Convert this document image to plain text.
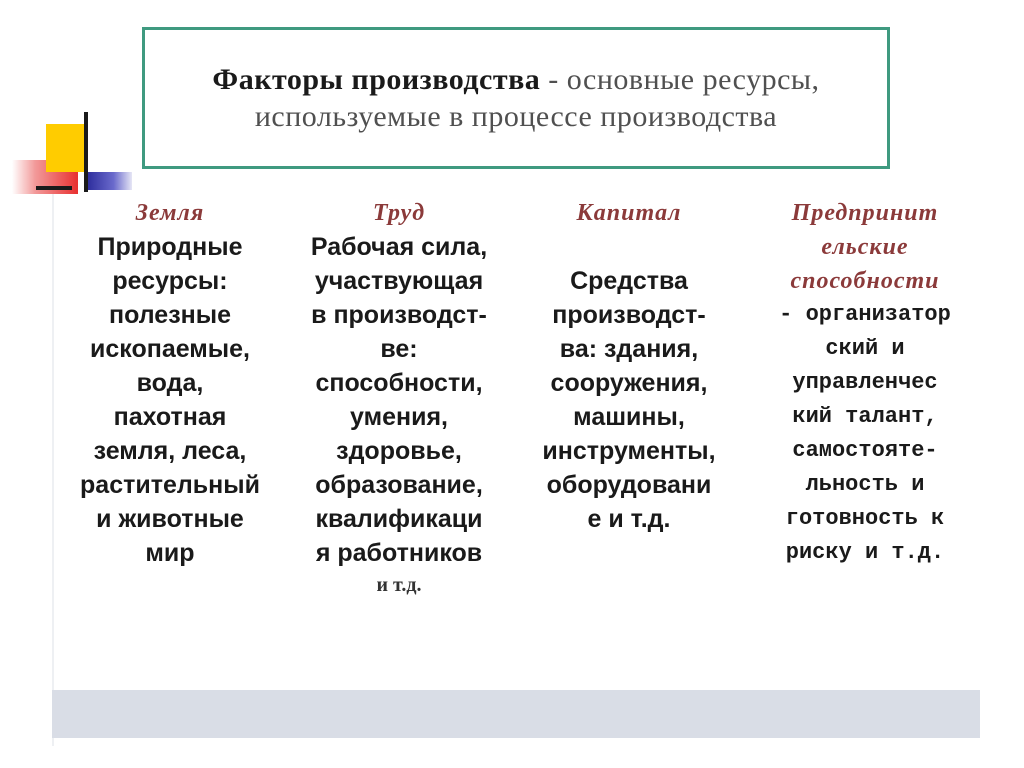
Факторы производства - основные ресурсы, используемые в процессе производства
Земля
Природные
ресурсы:
полезные
ископаемые,
вода,
пахотная
земля, леса,
растительный
и животные
мир
Труд
Рабочая сила,
участвующая
в производст-
ве:
способности,
умения,
здоровье,
образование,
квалификаци
я работников
и т.д.
Капитал
Средства
производст-
ва: здания,
сооружения,
машины,
инструменты,
оборудовани
е и т.д.
Предпринит
ельские
способности
- организатор
ский и
управленчес
кий талант,
самостояте-
льность и
готовность к
риску и т.д.
